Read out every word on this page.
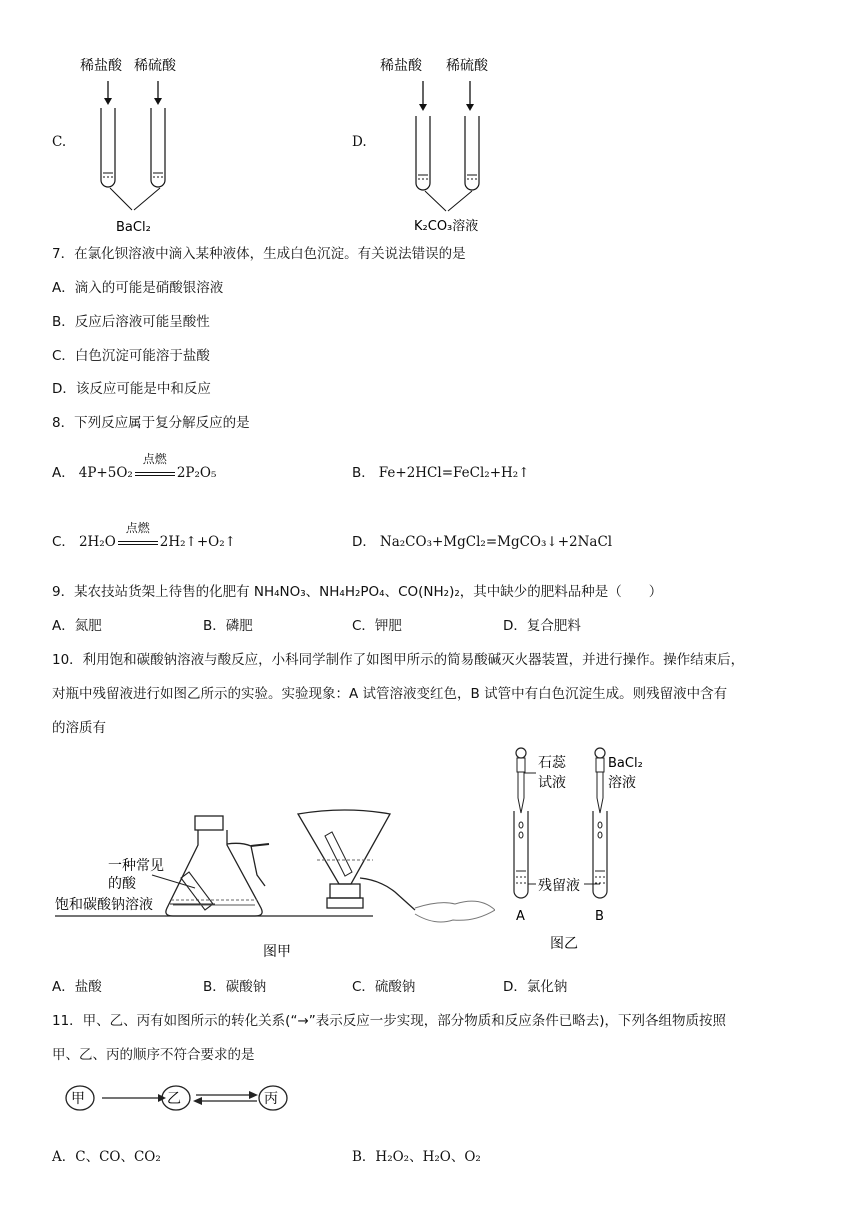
C.
稀盐酸 稀硫酸
BaCl₂
D.
稀盐酸 稀硫酸
K₂CO₃溶液
7．在氯化钡溶液中滴入某种液体，生成白色沉淀。有关说法错误的是
A．滴入的可能是硝酸银溶液
B．反应后溶液可能呈酸性
C．白色沉淀可能溶于盐酸
D．该反应可能是中和反应
8．下列反应属于复分解反应的是
A． 4P+5O₂
点燃
2P₂O₅	B． Fe+2HCl=FeCl₂+H₂↑
C． 2H₂O
点燃
2H₂↑+O₂↑	D． Na₂CO₃+MgCl₂=MgCO₃↓+2NaCl
9．某农技站货架上待售的化肥有 NH₄NO₃、NH₄H₂PO₄、CO(NH₂)₂，其中缺少的肥料品种是（　　）
A．氮肥	B．磷肥	C．钾肥	D．复合肥料
10．利用饱和碳酸钠溶液与酸反应，小科同学制作了如图甲所示的简易酸碱灭火器装置，并进行操作。操作结束后，
对瓶中残留液进行如图乙所示的实验。实验现象：A 试管溶液变红色，B 试管中有白色沉淀生成。则残留液中含有
的溶质有
一种常见
的酸
饱和碳酸钠溶液
图甲
石蕊
试液
BaCl₂
溶液
残留液
A	B
图乙
A．盐酸	B．碳酸钠	C．硫酸钠	D．氯化钠
11．甲、乙、丙有如图所示的转化关系(“→”表示反应一步实现，部分物质和反应条件已略去)，下列各组物质按照
甲、乙、丙的顺序不符合要求的是
甲	乙	丙
A．C、CO、CO₂	B．H₂O₂、H₂O、O₂
